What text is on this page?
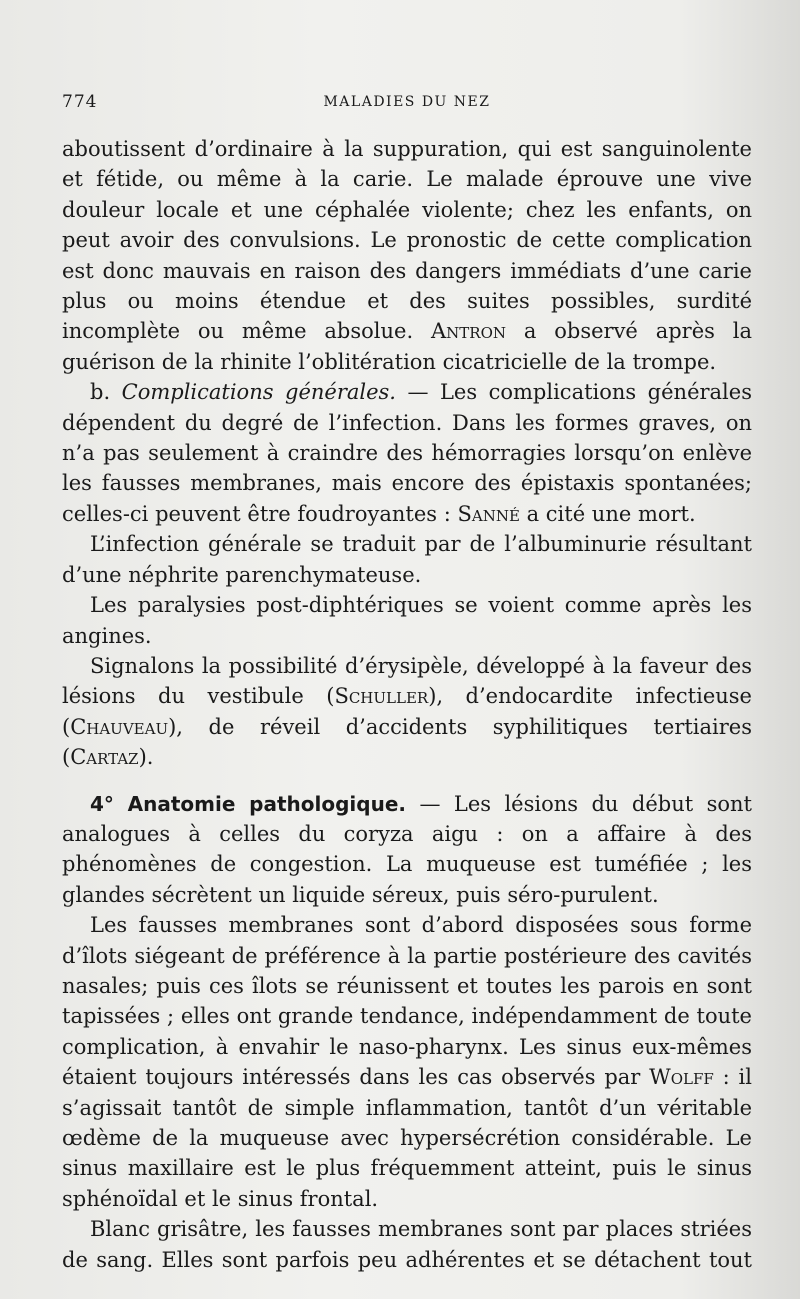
774	MALADIES DU NEZ

aboutissent d’ordinaire à la suppuration, qui est sanguinolente et fétide, ou même à la carie. Le malade éprouve une vive douleur locale et une céphalée violente; chez les enfants, on peut avoir des convulsions. Le pronostic de cette complication est donc mauvais en raison des dangers immédiats d’une carie plus ou moins étendue et des suites possibles, surdité incomplète ou même absolue. Antron a observé après la guérison de la rhinite l’oblitération cicatricielle de la trompe.

b. Complications générales. — Les complications générales dépendent du degré de l’infection. Dans les formes graves, on n’a pas seulement à craindre des hémorragies lorsqu’on enlève les fausses membranes, mais encore des épistaxis spontanées; celles-ci peuvent être foudroyantes : Sanné a cité une mort.

L’infection générale se traduit par de l’albuminurie résultant d’une néphrite parenchymateuse.

Les paralysies post-diphtériques se voient comme après les angines.

Signalons la possibilité d’érysipèle, développé à la faveur des lésions du vestibule (Schuller), d’endocardite infectieuse (Chauveau), de réveil d’accidents syphilitiques tertiaires (Cartaz).

4° Anatomie pathologique. — Les lésions du début sont analogues à celles du coryza aigu : on a affaire à des phénomènes de congestion. La muqueuse est tuméfiée ; les glandes sécrètent un liquide séreux, puis séro-purulent.

Les fausses membranes sont d’abord disposées sous forme d’îlots siégeant de préférence à la partie postérieure des cavités nasales; puis ces îlots se réunissent et toutes les parois en sont tapissées ; elles ont grande tendance, indépendamment de toute complication, à envahir le naso-pharynx. Les sinus eux-mêmes étaient toujours intéressés dans les cas observés par Wolff : il s’agissait tantôt de simple inflammation, tantôt d’un véritable œdème de la muqueuse avec hypersécrétion considérable. Le sinus maxillaire est le plus fréquemment atteint, puis le sinus sphénoïdal et le sinus frontal.

Blanc grisâtre, les fausses membranes sont par places striées de sang. Elles sont parfois peu adhérentes et se détachent tout
